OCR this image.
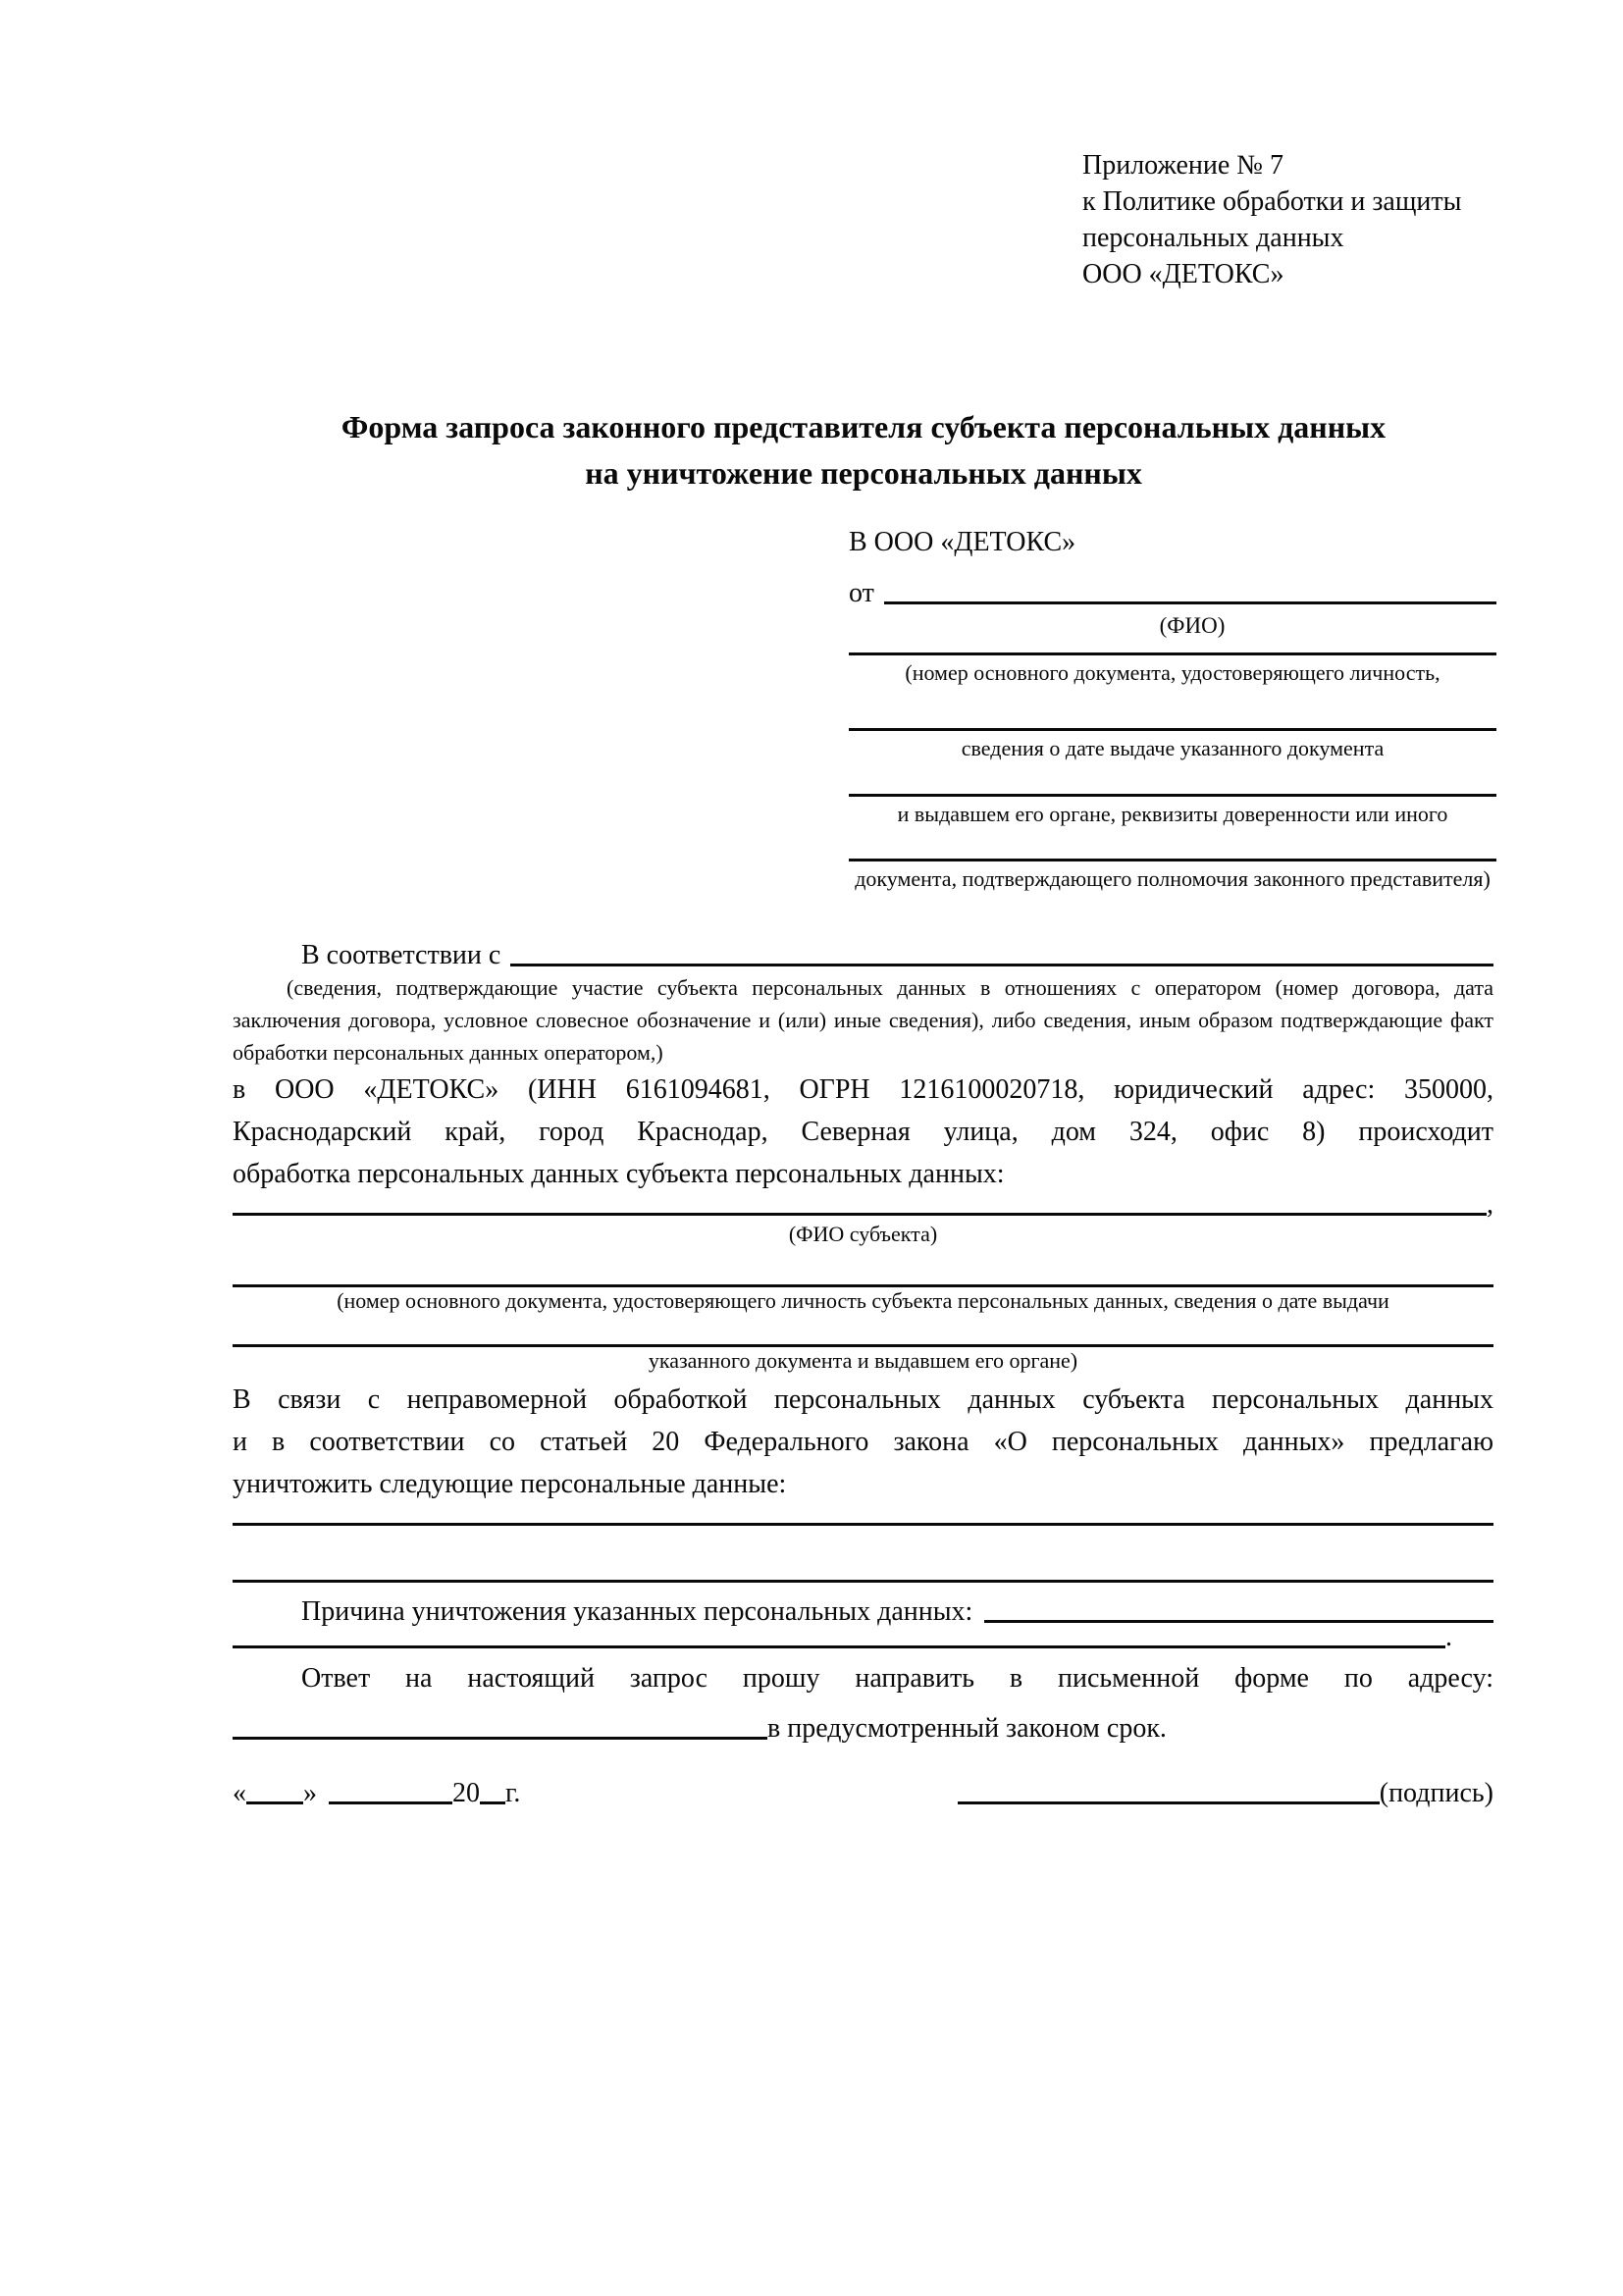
Приложение № 7
к Политике обработки и защиты
персональных данных
ООО «ДЕТОКС»
Форма запроса законного представителя субъекта персональных данных
на уничтожение персональных данных
В ООО «ДЕТОКС»
от
(ФИО)
(номер основного документа, удостоверяющего личность,
сведения о дате выдаче указанного документа
и выдавшем его органе, реквизиты доверенности или иного
документа, подтверждающего полномочия законного представителя)
В соответствии с
(сведения, подтверждающие участие субъекта персональных данных в отношениях с оператором (номер договора, дата
заключения договора, условное словесное обозначение и (или) иные сведения), либо сведения, иным образом подтверждающие факт
обработки персональных данных оператором,)
в ООО «ДЕТОКС» (ИНН 6161094681, ОГРН 1216100020718, юридический адрес: 350000,
Краснодарский край, город Краснодар, Северная улица, дом 324, офис 8) происходит
обработка персональных данных субъекта персональных данных:
,
(ФИО субъекта)
(номер основного документа, удостоверяющего личность субъекта персональных данных, сведения о дате выдачи
указанного документа и выдавшем его органе)
В связи с неправомерной обработкой персональных данных субъекта персональных данных
и в соответствии со статьей 20 Федерального закона «О персональных данных» предлагаю
уничтожить следующие персональные данные:
Причина уничтожения указанных персональных данных:
.
Ответ на настоящий запрос прошу направить в письменной форме по адресу:
в предусмотренный законом срок.
« »	20 г.	(подпись)
